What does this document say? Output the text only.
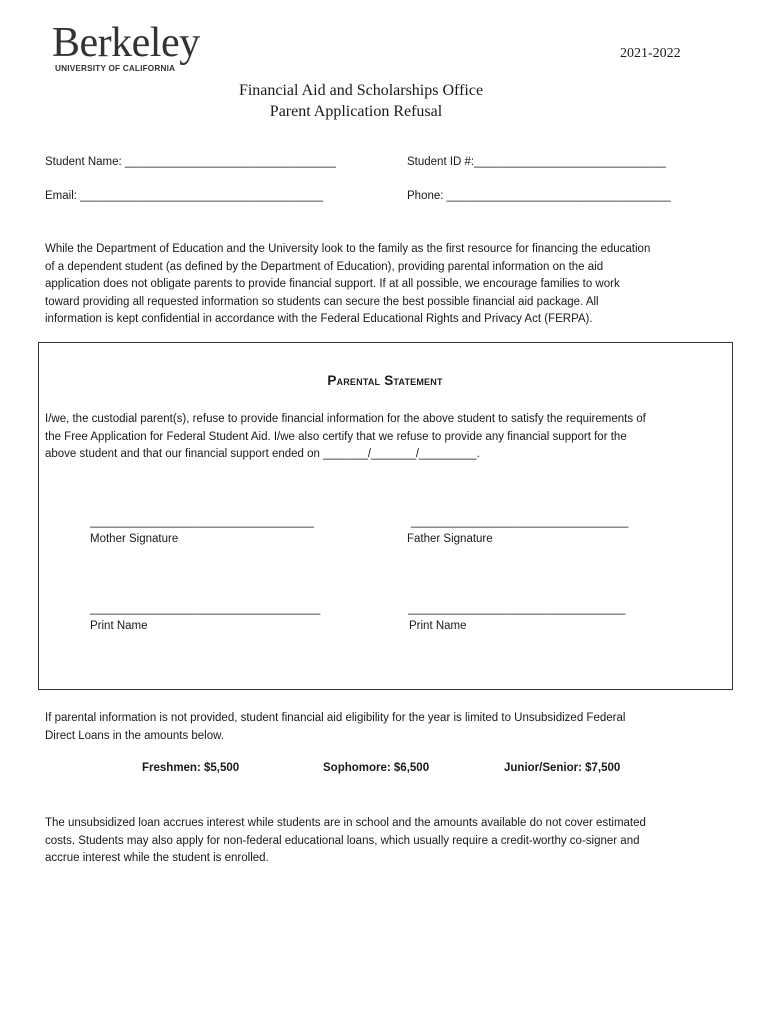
Berkeley
UNIVERSITY OF CALIFORNIA
2021-2022
Financial Aid and Scholarships Office
Parent Application Refusal
Student Name: _________________________________	Student ID #:______________________________
Email: ______________________________________	Phone: ___________________________________
While the Department of Education and the University look to the family as the first resource for financing the education
of a dependent student (as defined by the Department of Education), providing parental information on the aid
application does not obligate parents to provide financial support. If at all possible, we encourage families to work
toward providing all requested information so students can secure the best possible financial aid package. All
information is kept confidential in accordance with the Federal Educational Rights and Privacy Act (FERPA).
Parental Statement
I/we, the custodial parent(s), refuse to provide financial information for the above student to satisfy the requirements of
the Free Application for Federal Student Aid. I/we also certify that we refuse to provide any financial support for the
above student and that our financial support ended on _______/_______/_________.
___________________________________	__________________________________
Mother Signature	Father Signature
____________________________________	__________________________________
Print Name	Print Name
If parental information is not provided, student financial aid eligibility for the year is limited to Unsubsidized Federal
Direct Loans in the amounts below.
Freshmen: $5,500	Sophomore: $6,500	Junior/Senior: $7,500
The unsubsidized loan accrues interest while students are in school and the amounts available do not cover estimated
costs. Students may also apply for non-federal educational loans, which usually require a credit-worthy co-signer and
accrue interest while the student is enrolled.
